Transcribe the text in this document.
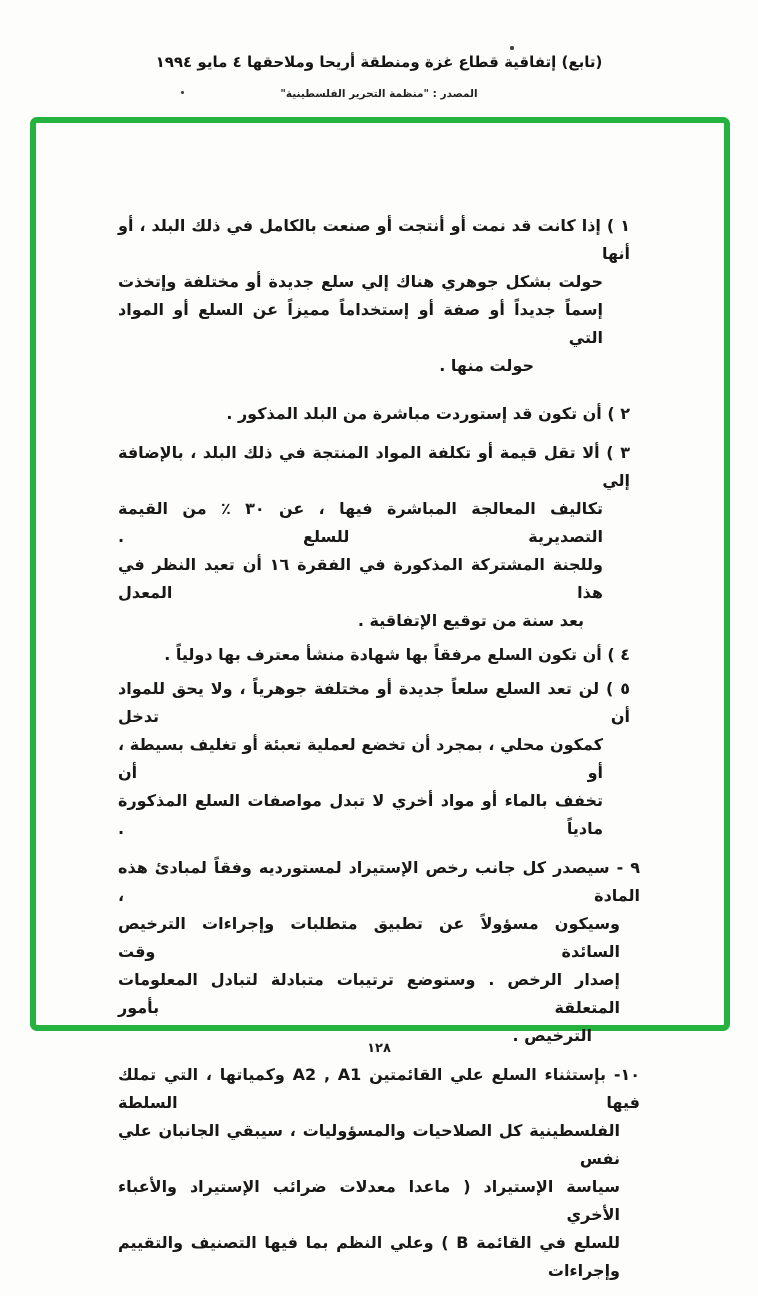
(تابع) إتفاقية قطاع غزة ومنطقة أريحا وملاحقها ٤ مايو ١٩٩٤
المصدر : "منظمة التحرير الفلسطينية"
١ ) إذا كانت قد نمت أو أنتجت أو صنعت بالكامل في ذلك البلد ، أو أنها
حولت بشكل جوهري هناك إلي سلع جديدة أو مختلفة وإتخذت
إسماً جديداً أو صفة أو إستخداماً مميزاً عن السلع أو المواد التي
حولت منها .
٢ ) أن تكون قد إستوردت مباشرة من البلد المذكور .
٣ ) ألا تقل قيمة أو تكلفة المواد المنتجة في ذلك البلد ، بالإضافة إلي
تكاليف المعالجة المباشرة فيها ، عن ٣٠ ٪ من القيمة التصديرية للسلع .
وللجنة المشتركة المذكورة في الفقرة ١٦ أن تعيد النظر في هذا المعدل
بعد سنة من توقيع الإتفاقية .
٤ ) أن تكون السلع مرفقاً بها شهادة منشأ معترف بها دولياً .
٥ ) لن تعد السلع سلعاً جديدة أو مختلفة جوهرياً ، ولا يحق للمواد أن تدخل
كمكون محلي ، بمجرد أن تخضع لعملية تعبئة أو تغليف بسيطة ، أو أن
تخفف بالماء أو مواد أخري لا تبدل مواصفات السلع المذكورة مادياً .
٩ - سيصدر كل جانب رخص الإستيراد لمستورديه وفقاً لمبادئ هذه المادة ،
وسيكون مسؤولاً عن تطبيق متطلبات وإجراءات الترخيص السائدة وقت
إصدار الرخص . وستوضع ترتيبات متبادلة لتبادل المعلومات المتعلقة بأمور
الترخيص .
١٠- بإستثناء السلع علي القائمتين A2 , A1 وكمياتها ، التي تملك فيها السلطة
الفلسطينية كل الصلاحيات والمسؤوليات ، سيبقي الجانبان علي نفس
سياسة الإستيراد ( ماعدا معدلات ضرائب الإستيراد والأعباء الأخري
للسلع في القائمة B ) وعلي النظم بما فيها التصنيف والتقييم وإجراءات
١٢٨
